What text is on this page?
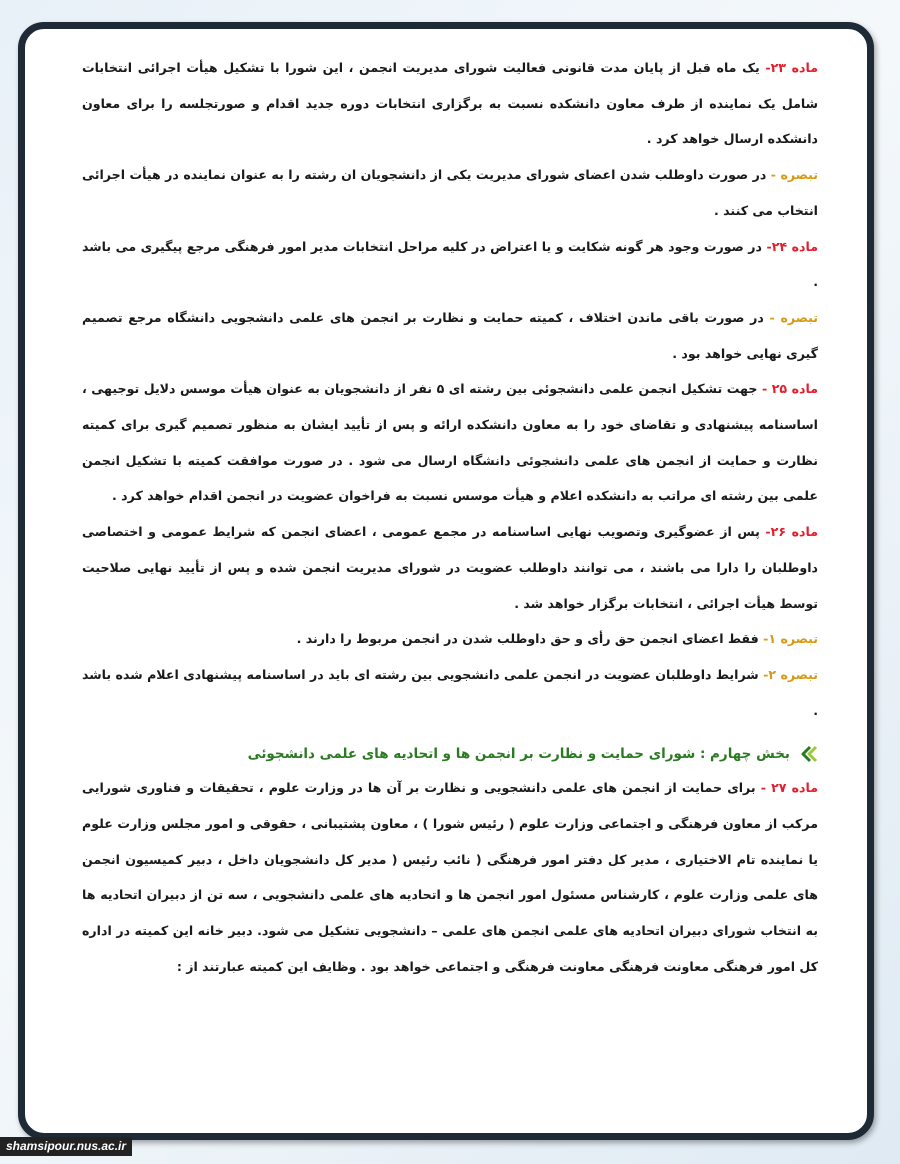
ماده ۲۳- یک ماه قبل از پایان مدت قانونی فعالیت شورای مدیریت انجمن ، این شورا با تشکیل هیأت اجرائی انتخابات شامل یک نماینده از طرف معاون دانشکده نسبت به برگزاری انتخابات دوره جدید اقدام و صورتجلسه را برای معاون دانشکده ارسال خواهد کرد .

تبصره - در صورت داوطلب شدن اعضای شورای مدیریت یکی از دانشجویان ان رشته را به عنوان نماینده در هیأت اجرائی انتخاب می کنند .

ماده ۲۴- در صورت وجود هر گونه شکایت و یا اعتراض در کلیه مراحل انتخابات مدیر امور فرهنگی مرجع پیگیری می باشد .

تبصره - در صورت باقی ماندن اختلاف ، کمیته حمایت و نظارت بر انجمن های علمی دانشجویی دانشگاه مرجع تصمیم گیری نهایی خواهد بود .

ماده ۲۵ - جهت تشکیل انجمن علمی دانشجوئی بین رشته ای ۵ نفر از دانشجویان به عنوان هیأت موسس دلایل توجیهی ، اساسنامه پیشنهادی و تقاضای خود را به معاون دانشکده ارائه و پس از تأیید ایشان به منظور تصمیم گیری برای کمیته نظارت و حمایت از انجمن های علمی دانشجوئی دانشگاه ارسال می شود . در صورت موافقت کمیته با تشکیل انجمن علمی بین رشته ای مراتب به دانشکده اعلام و هیأت موسس نسبت به فراخوان عضویت در انجمن اقدام خواهد کرد .

ماده ۲۶- پس از عضوگیری وتصویب نهایی اساسنامه در مجمع عمومی ، اعضای انجمن که شرایط عمومی و اختصاصی داوطلبان را دارا می باشند ، می توانند داوطلب عضویت در شورای مدیریت انجمن شده و پس از تأیید نهایی صلاحیت توسط هیأت اجرائی ، انتخابات برگزار خواهد شد .

تبصره ۱- فقط اعضای انجمن حق رأی و حق داوطلب شدن در انجمن مربوط را دارند .

تبصره ۲- شرایط داوطلبان عضویت در انجمن علمی دانشجویی بین رشته ای باید در اساسنامه پیشنهادی اعلام شده باشد .

بخش چهارم : شورای حمایت و نظارت بر انجمن ها و اتحادیه های علمی دانشجوئی

ماده ۲۷ - برای حمایت از انجمن های علمی دانشجویی و نظارت بر آن ها در وزارت علوم ، تحقیقات و فناوری شورایی مرکب از معاون فرهنگی و اجتماعی وزارت علوم ( رئیس شورا ) ، معاون پشتیبانی ، حقوقی و امور مجلس وزارت علوم یا نماینده تام الاختیاری ، مدیر کل دفتر امور فرهنگی ( نائب رئیس ( مدیر کل دانشجویان داخل ، دبیر کمیسیون انجمن های علمی وزارت علوم ، کارشناس مسئول امور انجمن ها و اتحادیه های علمی دانشجویی ، سه تن از دبیران اتحادیه ها به انتخاب شورای دبیران اتحادیه های علمی انجمن های علمی – دانشجویی تشکیل می شود. دبیر خانه این کمیته در اداره کل امور فرهنگی معاونت فرهنگی معاونت فرهنگی و اجتماعی خواهد بود . وظایف این کمیته عبارتند از :

shamsipour.nus.ac.ir
